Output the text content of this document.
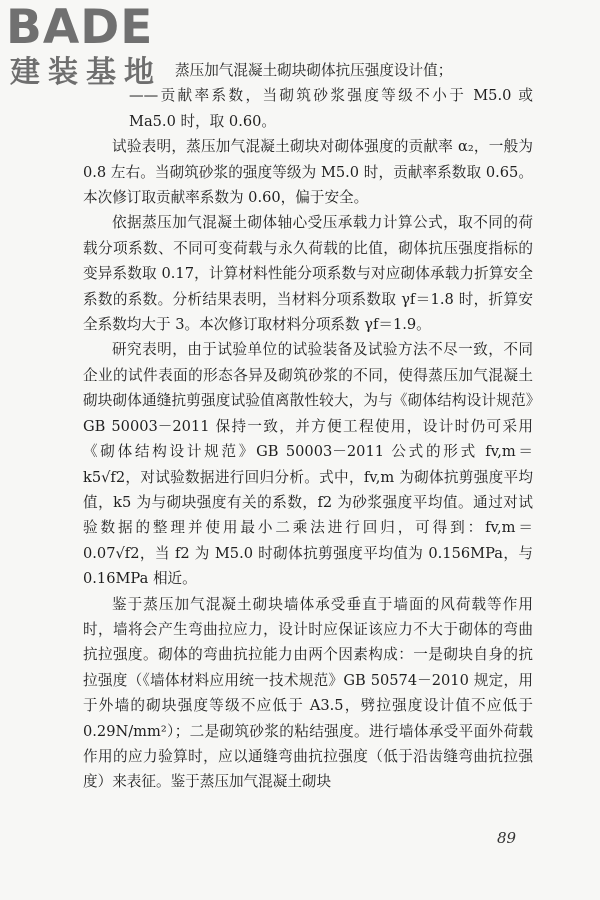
BADE
建装基地 蒸压加气混凝土砌块砌体抗压强度设计值；

——贡献率系数，当砌筑砂浆强度等级不小于 M5.0 或 Ma5.0 时，取 0.60。

试验表明，蒸压加气混凝土砌块对砌体强度的贡献率 α₂，一般为 0.8 左右。当砌筑砂浆的强度等级为 M5.0 时，贡献率系数取 0.65。本次修订取贡献率系数为 0.60，偏于安全。

依据蒸压加气混凝土砌体轴心受压承载力计算公式，取不同的荷载分项系数、不同可变荷载与永久荷载的比值，砌体抗压强度指标的变异系数取 0.17，计算材料性能分项系数与对应砌体承载力折算安全系数的系数。分析结果表明，当材料分项系数取 γf＝1.8 时，折算安全系数均大于 3。本次修订取材料分项系数 γf＝1.9。

研究表明，由于试验单位的试验装备及试验方法不尽一致，不同企业的试件表面的形态各异及砌筑砂浆的不同，使得蒸压加气混凝土砌块砌体通缝抗剪强度试验值离散性较大，为与《砌体结构设计规范》GB 50003－2011 保持一致，并方便工程使用，设计时仍可采用《砌体结构设计规范》GB 50003－2011 公式的形式 fv,m＝k5√f2，对试验数据进行回归分析。式中，fv,m 为砌体抗剪强度平均值，k5 为与砌块强度有关的系数，f2 为砂浆强度平均值。通过对试验数据的整理并使用最小二乘法进行回归，可得到：fv,m＝0.07√f2，当 f2 为 M5.0 时砌体抗剪强度平均值为 0.156MPa，与 0.16MPa 相近。

鉴于蒸压加气混凝土砌块墙体承受垂直于墙面的风荷载等作用时，墙将会产生弯曲拉应力，设计时应保证该应力不大于砌体的弯曲抗拉强度。砌体的弯曲抗拉能力由两个因素构成：一是砌块自身的抗拉强度（《墙体材料应用统一技术规范》GB 50574－2010 规定，用于外墙的砌块强度等级不应低于 A3.5，劈拉强度设计值不应低于 0.29N/mm²）；二是砌筑砂浆的粘结强度。进行墙体承受平面外荷载作用的应力验算时，应以通缝弯曲抗拉强度（低于沿齿缝弯曲抗拉强度）来表征。鉴于蒸压加气混凝土砌块

89
